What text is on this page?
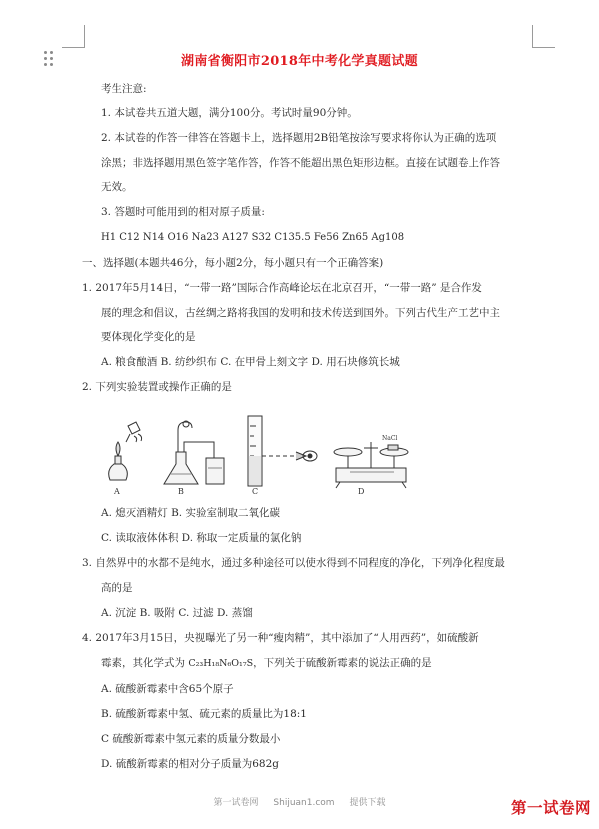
湖南省衡阳市2018年中考化学真题试题
考生注意:
1. 本试卷共五道大题，满分100分。考试时量90分钟。
2. 本试卷的作答一律答在答题卡上，选择题用2B铅笔按涂写要求将你认为正确的选项
涂黑；非选择题用黑色签字笔作答，作答不能超出黑色矩形边框。直接在试题卷上作答
无效。
3. 答题时可能用到的相对原子质量:
H1 C12 N14 O16 Na23 A127 S32 C135.5 Fe56 Zn65 Ag108
一、选择题(本题共46分，每小题2分，每小题只有一个正确答案)
1. 2017年5月14日，“一带一路”国际合作高峰论坛在北京召开，“一带一路” 是合作发
展的理念和倡议，古丝绸之路将我国的发明和技术传送到国外。下列古代生产工艺中主
要体现化学变化的是
A. 粮食酿酒 B. 纺纱织布 C. 在甲骨上刻文字 D. 用石块修筑长城
2. 下列实验装置或操作正确的是
A	B	C
NaCl
D
A. 熄灭酒精灯 B. 实验室制取二氧化碳
C. 读取液体体积 D. 称取一定质量的氯化钠
3. 自然界中的水都不是纯水，通过多种途径可以使水得到不同程度的净化，下列净化程度最
高的是
A. 沉淀 B. 吸附 C. 过滤 D. 蒸馏
4. 2017年3月15日，央视曝光了另一种“瘦肉精”，其中添加了“人用西药”，如硫酸新
霉素，其化学式为 C₂₃H₁₈N₆O₁₇S，下列关于硫酸新霉素的说法正确的是
A. 硫酸新霉素中含65个原子
B. 硫酸新霉素中氢、硫元素的质量比为18:1
C 硫酸新霉素中氢元素的质量分数最小
D. 硫酸新霉素的相对分子质量为682g
第一试卷网 Shijuan1.com 提供下载	第一试卷网
